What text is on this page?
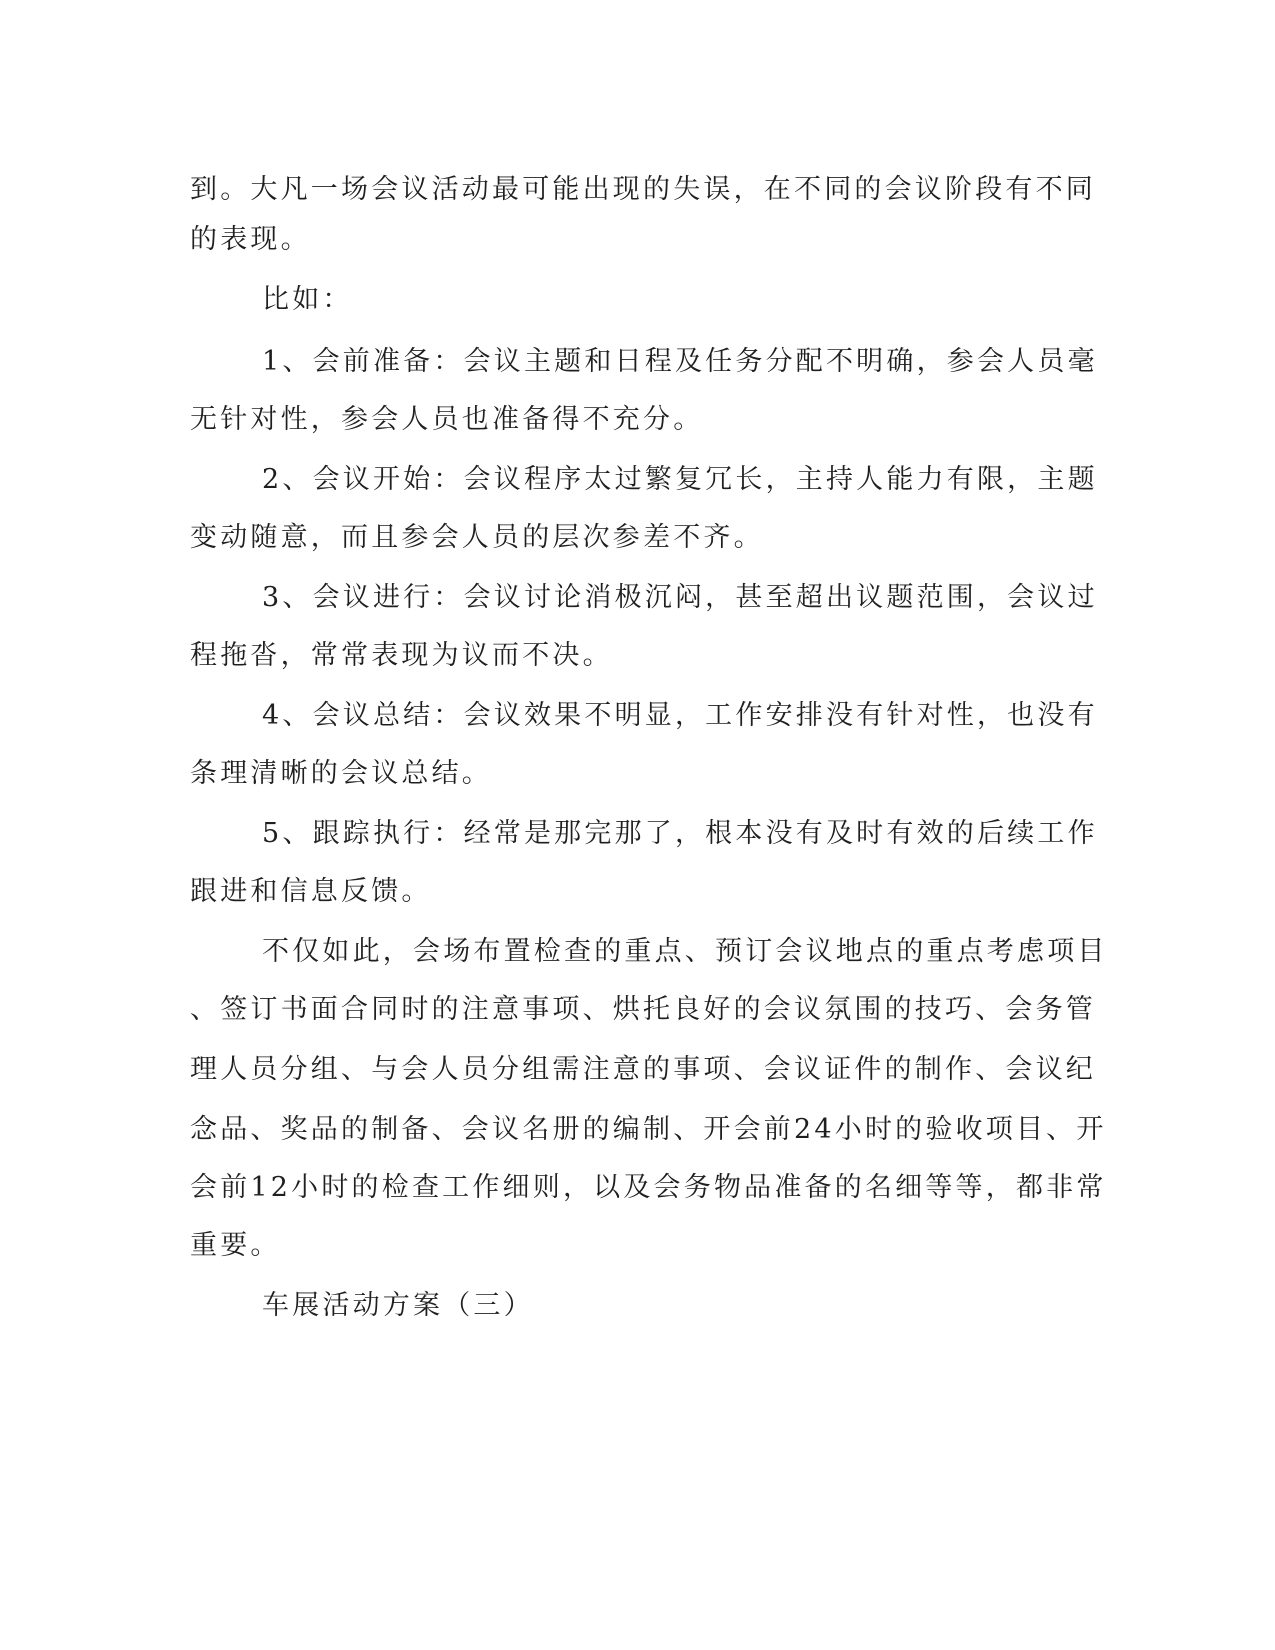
到。大凡一场会议活动最可能出现的失误，在不同的会议阶段有不同

的表现。

比如：

1、会前准备：会议主题和日程及任务分配不明确，参会人员毫

无针对性，参会人员也准备得不充分。

2、会议开始：会议程序太过繁复冗长，主持人能力有限，主题

变动随意，而且参会人员的层次参差不齐。

3、会议进行：会议讨论消极沉闷，甚至超出议题范围，会议过

程拖沓，常常表现为议而不决。

4、会议总结：会议效果不明显，工作安排没有针对性，也没有

条理清晰的会议总结。

5、跟踪执行：经常是那完那了，根本没有及时有效的后续工作

跟进和信息反馈。

不仅如此，会场布置检查的重点、预订会议地点的重点考虑项目

、签订书面合同时的注意事项、烘托良好的会议氛围的技巧、会务管

理人员分组、与会人员分组需注意的事项、会议证件的制作、会议纪

念品、奖品的制备、会议名册的编制、开会前24小时的验收项目、开

会前12小时的检查工作细则，以及会务物品准备的名细等等，都非常

重要。

车展活动方案（三）
